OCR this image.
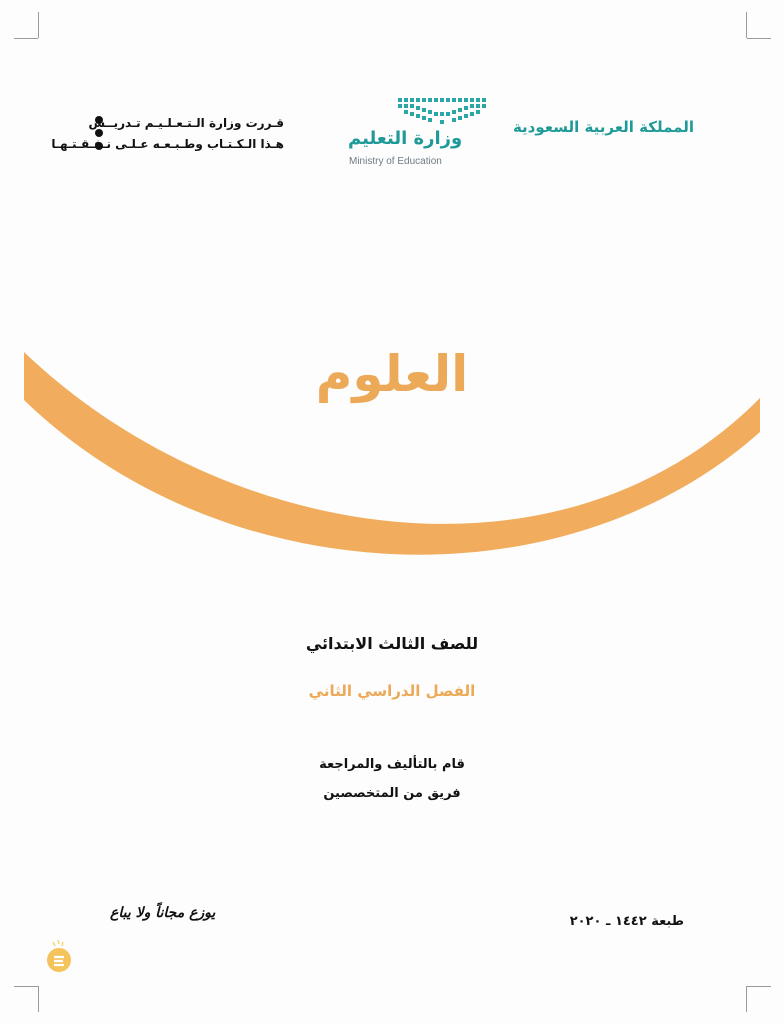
المملكة العربية السعودية
وزارة التعليم
Ministry of Education
قـررت وزارة الـتـعـلـيـم تـدريــس
هـذا الـكـتـاب وطـبـعـه عـلـى نـفـقـتـهـا
العلوم
للصف الثالث الابتدائي
الفصل الدراسي الثاني
قام بالتأليف والمراجعة
فريق من المتخصصين
طبعة ١٤٤٢ ـ ٢٠٢٠
يوزع مجاناً ولا يباع
